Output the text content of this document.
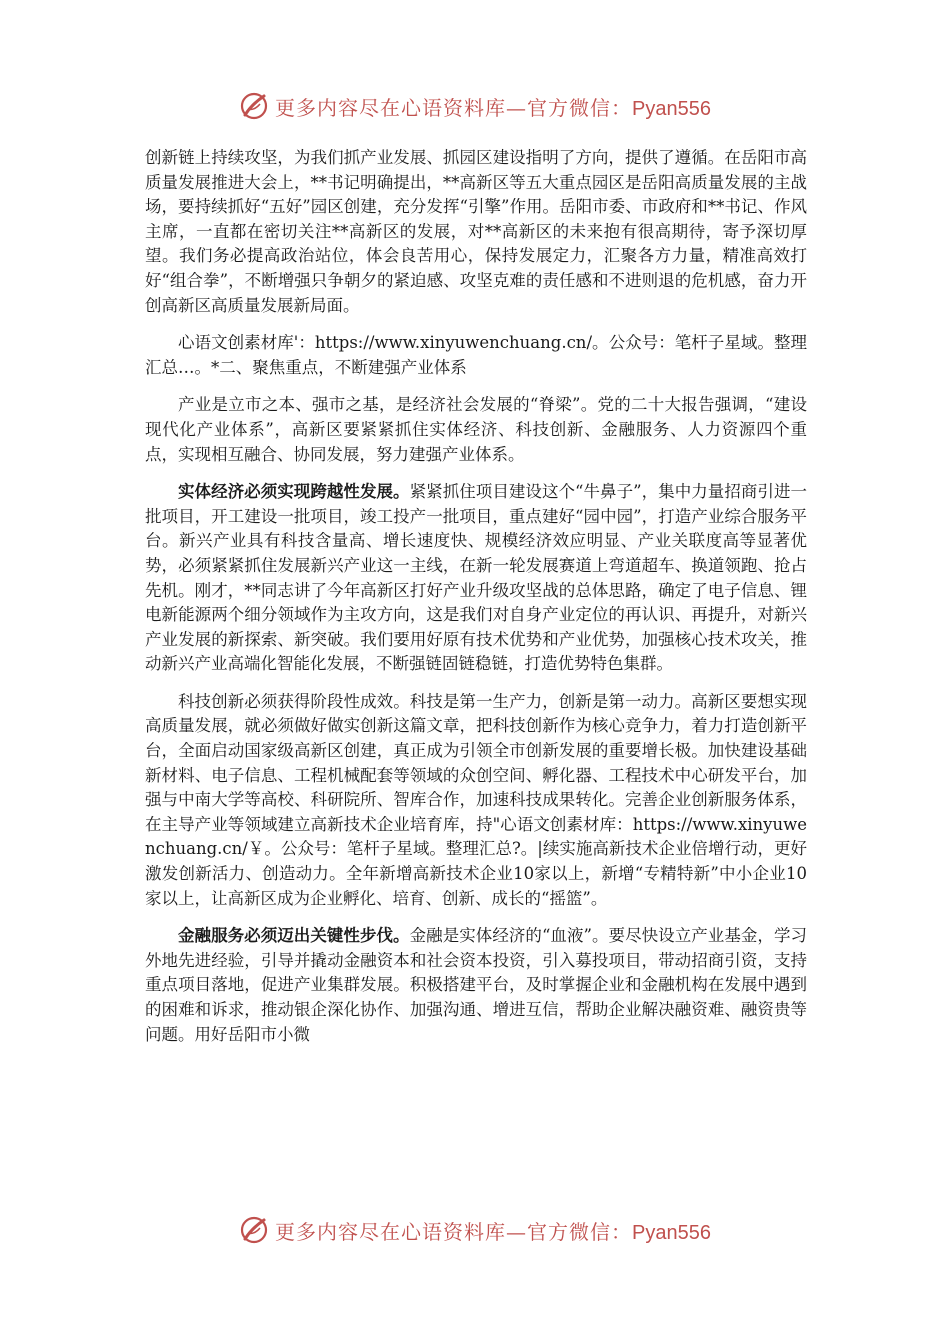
更多内容尽在心语资料库—官方微信：Pyan556

创新链上持续攻坚，为我们抓产业发展、抓园区建设指明了方向，提供了遵循。在岳阳市高质量发展推进大会上，**书记明确提出，**高新区等五大重点园区是岳阳高质量发展的主战场，要持续抓好“五好”园区创建，充分发挥“引擎”作用。岳阳市委、市政府和**书记、作风主席，一直都在密切关注**高新区的发展，对**高新区的未来抱有很高期待，寄予深切厚望。我们务必提高政治站位，体会良苦用心，保持发展定力，汇聚各方力量，精准高效打好“组合拳”，不断增强只争朝夕的紧迫感、攻坚克难的责任感和不进则退的危机感，奋力开创高新区高质量发展新局面。

心语文创素材库'：https://www.xinyuwenchuang.cn/。公众号：笔杆子星域。整理汇总…。*二、聚焦重点，不断建强产业体系

产业是立市之本、强市之基，是经济社会发展的“脊梁”。党的二十大报告强调，“建设现代化产业体系”，高新区要紧紧抓住实体经济、科技创新、金融服务、人力资源四个重点，实现相互融合、协同发展，努力建强产业体系。

实体经济必须实现跨越性发展。紧紧抓住项目建设这个“牛鼻子”，集中力量招商引进一批项目，开工建设一批项目，竣工投产一批项目，重点建好“园中园”，打造产业综合服务平台。新兴产业具有科技含量高、增长速度快、规模经济效应明显、产业关联度高等显著优势，必须紧紧抓住发展新兴产业这一主线，在新一轮发展赛道上弯道超车、换道领跑、抢占先机。刚才，**同志讲了今年高新区打好产业升级攻坚战的总体思路，确定了电子信息、锂电新能源两个细分领域作为主攻方向，这是我们对自身产业定位的再认识、再提升，对新兴产业发展的新探索、新突破。我们要用好原有技术优势和产业优势，加强核心技术攻关，推动新兴产业高端化智能化发展，不断强链固链稳链，打造优势特色集群。

科技创新必须获得阶段性成效。科技是第一生产力，创新是第一动力。高新区要想实现高质量发展，就必须做好做实创新这篇文章，把科技创新作为核心竞争力，着力打造创新平台，全面启动国家级高新区创建，真正成为引领全市创新发展的重要增长极。加快建设基础新材料、电子信息、工程机械配套等领域的众创空间、孵化器、工程技术中心研发平台，加强与中南大学等高校、科研院所、智库合作，加速科技成果转化。完善企业创新服务体系，在主导产业等领域建立高新技术企业培育库，持"心语文创素材库：https://www.xinyuwenchuang.cn/￥。公众号：笔杆子星域。整理汇总?。|续实施高新技术企业倍增行动，更好激发创新活力、创造动力。全年新增高新技术企业10家以上，新增“专精特新”中小企业10家以上，让高新区成为企业孵化、培育、创新、成长的“摇篮”。

金融服务必须迈出关键性步伐。金融是实体经济的“血液”。要尽快设立产业基金，学习外地先进经验，引导并撬动金融资本和社会资本投资，引入募投项目，带动招商引资，支持重点项目落地，促进产业集群发展。积极搭建平台，及时掌握企业和金融机构在发展中遇到的困难和诉求，推动银企深化协作、加强沟通、增进互信，帮助企业解决融资难、融资贵等问题。用好岳阳市小微

更多内容尽在心语资料库—官方微信：Pyan556
